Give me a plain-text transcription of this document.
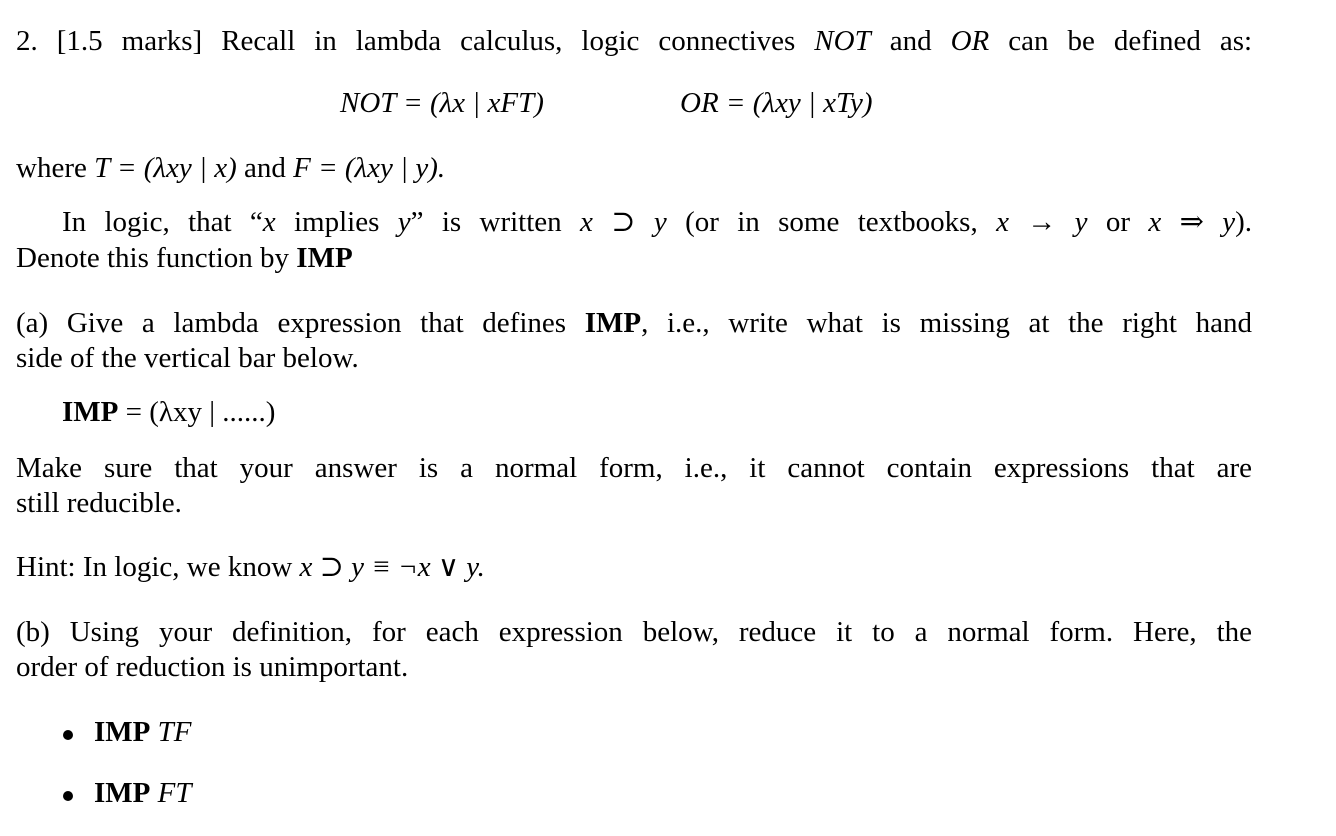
2. [1.5 marks] Recall in lambda calculus, logic connectives NOT and OR can be defined as:
NOT = (λx | xFT)	OR = (λxy | xTy)
where T = (λxy | x) and F = (λxy | y).
In logic, that “x implies y” is written x ⊃ y (or in some textbooks, x → y or x ⇒ y).
Denote this function by IMP
(a) Give a lambda expression that defines IMP, i.e., write what is missing at the right hand
side of the vertical bar below.
IMP = (λxy | ......)
Make sure that your answer is a normal form, i.e., it cannot contain expressions that are
still reducible.
Hint: In logic, we know x ⊃ y ≡ ¬x ∨ y.
(b) Using your definition, for each expression below, reduce it to a normal form. Here, the
order of reduction is unimportant.
IMP TF
IMP FT
